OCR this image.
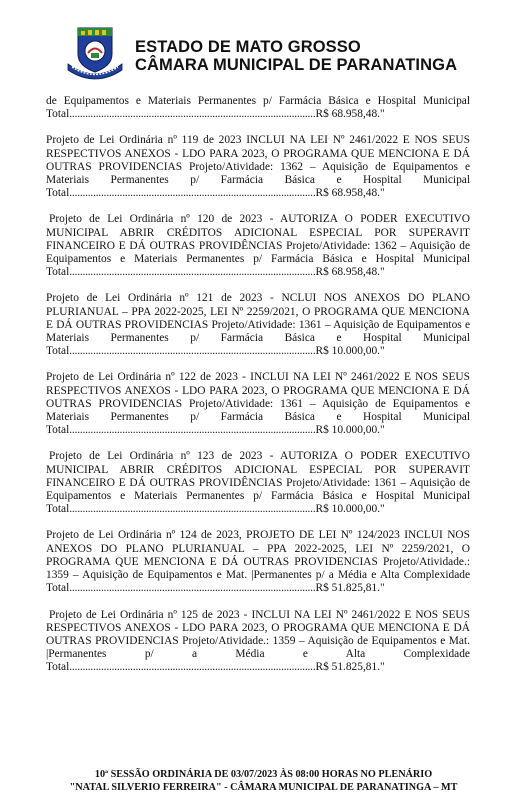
ESTADO DE MATO GROSSO
CÂMARA MUNICIPAL DE PARANATINGA

de Equipamentos e Materiais Permanentes p/ Farmácia Básica e Hospital Municipal Total.............................................................................................R$ 68.958,48."

Projeto de Lei Ordinária nº 119 de 2023 INCLUI NA LEI Nº 2461/2022 E NOS SEUS RESPECTIVOS ANEXOS - LDO PARA 2023, O PROGRAMA QUE MENCIONA E DÁ OUTRAS PROVIDENCIAS Projeto/Atividade: 1362 – Aquisição de Equipamentos e Materiais Permanentes p/ Farmácia Básica e Hospital Municipal Total.............................................................................................R$ 68.958,48."

Projeto de Lei Ordinária nº 120 de 2023 - AUTORIZA O PODER EXECUTIVO MUNICIPAL ABRIR CRÉDITOS ADICIONAL ESPECIAL POR SUPERAVIT FINANCEIRO E DÁ OUTRAS PROVIDÊNCIAS Projeto/Atividade: 1362 – Aquisição de Equipamentos e Materiais Permanentes p/ Farmácia Básica e Hospital Municipal Total.............................................................................................R$ 68.958,48."

Projeto de Lei Ordinária nº 121 de 2023 - NCLUI NOS ANEXOS DO PLANO PLURIANUAL – PPA 2022-2025, LEI Nº 2259/2021, O PROGRAMA QUE MENCIONA E DÁ OUTRAS PROVIDENCIAS Projeto/Atividade: 1361 – Aquisição de Equipamentos e Materiais Permanentes p/ Farmácia Básica e Hospital Municipal Total.............................................................................................R$ 10.000,00."

Projeto de Lei Ordinária nº 122 de 2023 - INCLUI NA LEI Nº 2461/2022 E NOS SEUS RESPECTIVOS ANEXOS - LDO PARA 2023, O PROGRAMA QUE MENCIONA E DÁ OUTRAS PROVIDENCIAS Projeto/Atividade: 1361 – Aquisição de Equipamentos e Materiais Permanentes p/ Farmácia Básica e Hospital Municipal Total.............................................................................................R$ 10.000,00."

Projeto de Lei Ordinária nº 123 de 2023 - AUTORIZA O PODER EXECUTIVO MUNICIPAL ABRIR CRÉDITOS ADICIONAL ESPECIAL POR SUPERAVIT FINANCEIRO E DÁ OUTRAS PROVIDÊNCIAS Projeto/Atividade: 1361 – Aquisição de Equipamentos e Materiais Permanentes p/ Farmácia Básica e Hospital Municipal Total.............................................................................................R$ 10.000,00."

Projeto de Lei Ordinária nº 124 de 2023, PROJETO DE LEI Nº 124/2023 INCLUI NOS ANEXOS DO PLANO PLURIANUAL – PPA 2022-2025, LEI Nº 2259/2021, O PROGRAMA QUE MENCIONA E DÁ OUTRAS PROVIDENCIAS Projeto/Atividade.: 1359 – Aquisição de Equipamentos e Mat. |Permanentes p/ a Média e Alta Complexidade Total.............................................................................................R$ 51.825,81."

Projeto de Lei Ordinária nº 125 de 2023 - INCLUI NA LEI Nº 2461/2022 E NOS SEUS RESPECTIVOS ANEXOS - LDO PARA 2023, O PROGRAMA QUE MENCIONA E DÁ OUTRAS PROVIDENCIAS Projeto/Atividade.: 1359 – Aquisição de Equipamentos e Mat. |Permanentes p/ a Média e Alta Complexidade Total.............................................................................................R$ 51.825,81."

10ª SESSÃO ORDINÁRIA DE 03/07/2023 ÀS 08:00 HORAS NO PLENÁRIO
"NATAL SILVERIO FERREIRA" - CÂMARA MUNICIPAL DE PARANATINGA – MT
